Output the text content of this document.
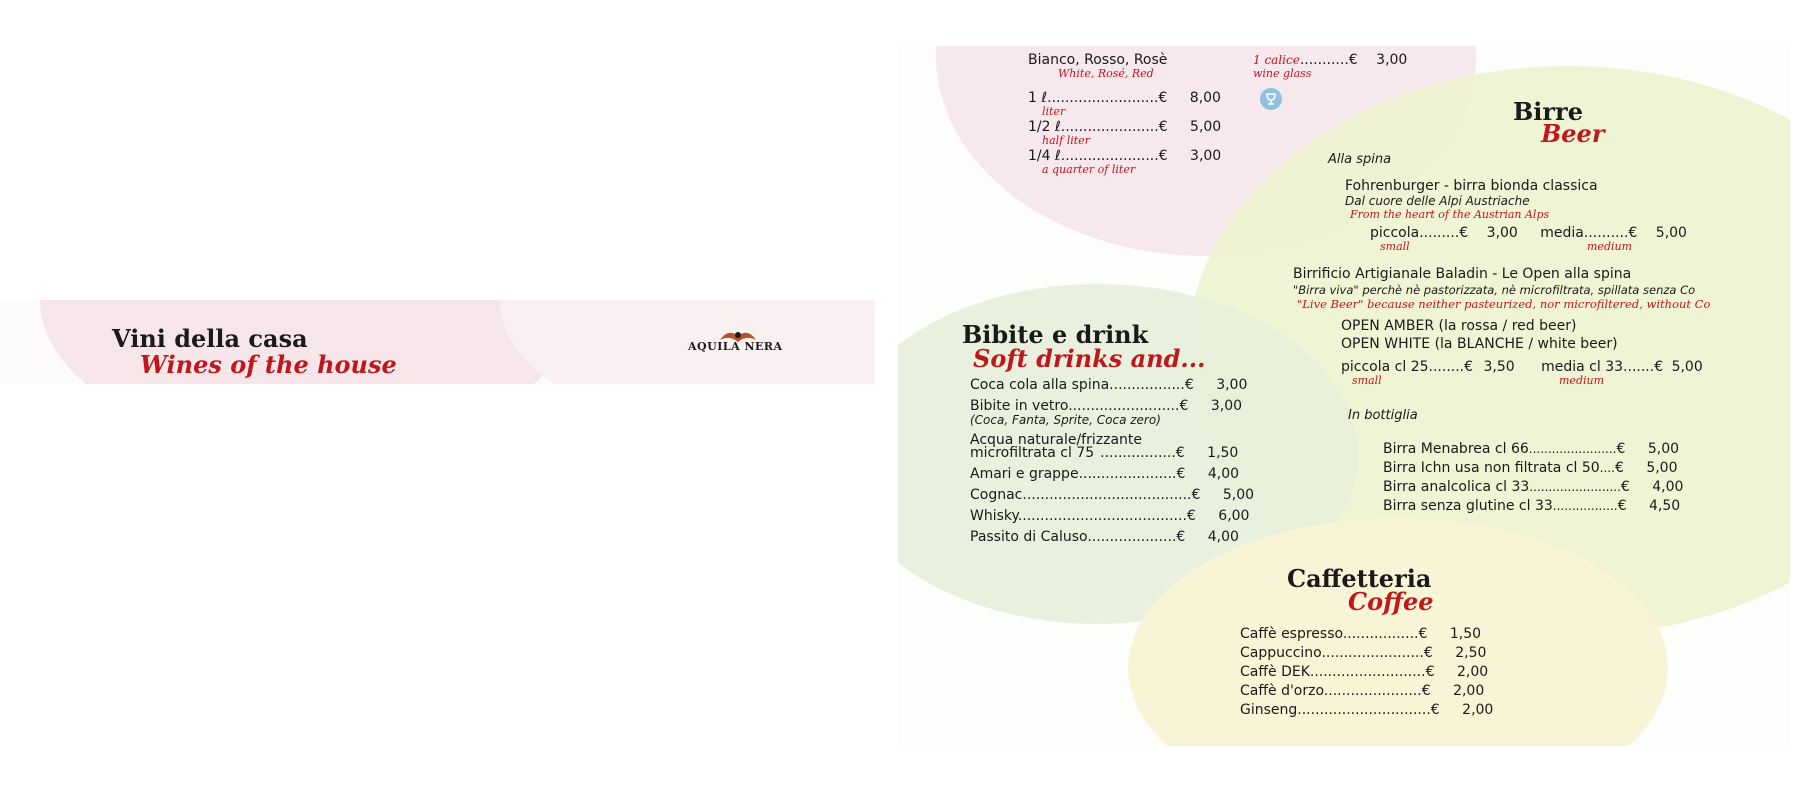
Vini della casa
Wines of the house
AQUILA NERA
Bianco, Rosso, Rosè
White, Rosé, Red
1 calice...........€ 3,00
wine glass
1 ℓ.........................€ 8,00
liter
1/2 ℓ......................€ 5,00
half liter
1/4 ℓ......................€ 3,00
a quarter of liter
Birre
Beer
Alla spina
Fohrenburger - birra bionda classica
Dal cuore delle Alpi Austriache
From the heart of the Austrian Alps
piccola.........€ 3,00 media..........€ 5,00
small	medium
Birrificio Artigianale Baladin - Le Open alla spina
"Birra viva" perchè nè pastorizzata, nè microfiltrata, spillata senza Co
"Live Beer" because neither pasteurized, nor microfiltered, without Co
OPEN AMBER (la rossa / red beer)
OPEN WHITE (la BLANCHE / white beer)
piccola cl 25........€ 3,50 media cl 33.......€ 5,00
small	medium
In bottiglia
Birra Menabrea cl 66.......................€ 5,00
Birra Ichn usa non filtrata cl 50....€ 5,00
Birra analcolica cl 33........................€ 4,00
Birra senza glutine cl 33.................€ 4,50
Bibite e drink
Soft drinks and...
Coca cola alla spina.................€ 3,00
Bibite in vetro.........................€ 3,00
(Coca, Fanta, Sprite, Coca zero)
Acqua naturale/frizzante
microfiltrata cl 75 .................€ 1,50
Amari e grappe......................€ 4,00
Cognac......................................€ 5,00
Whisky......................................€ 6,00
Passito di Caluso....................€ 4,00
Caffetteria
Coffee
Caffè espresso.................€ 1,50
Cappuccino.......................€ 2,50
Caffè DEK..........................€ 2,00
Caffè d'orzo......................€ 2,00
Ginseng..............................€ 2,00
